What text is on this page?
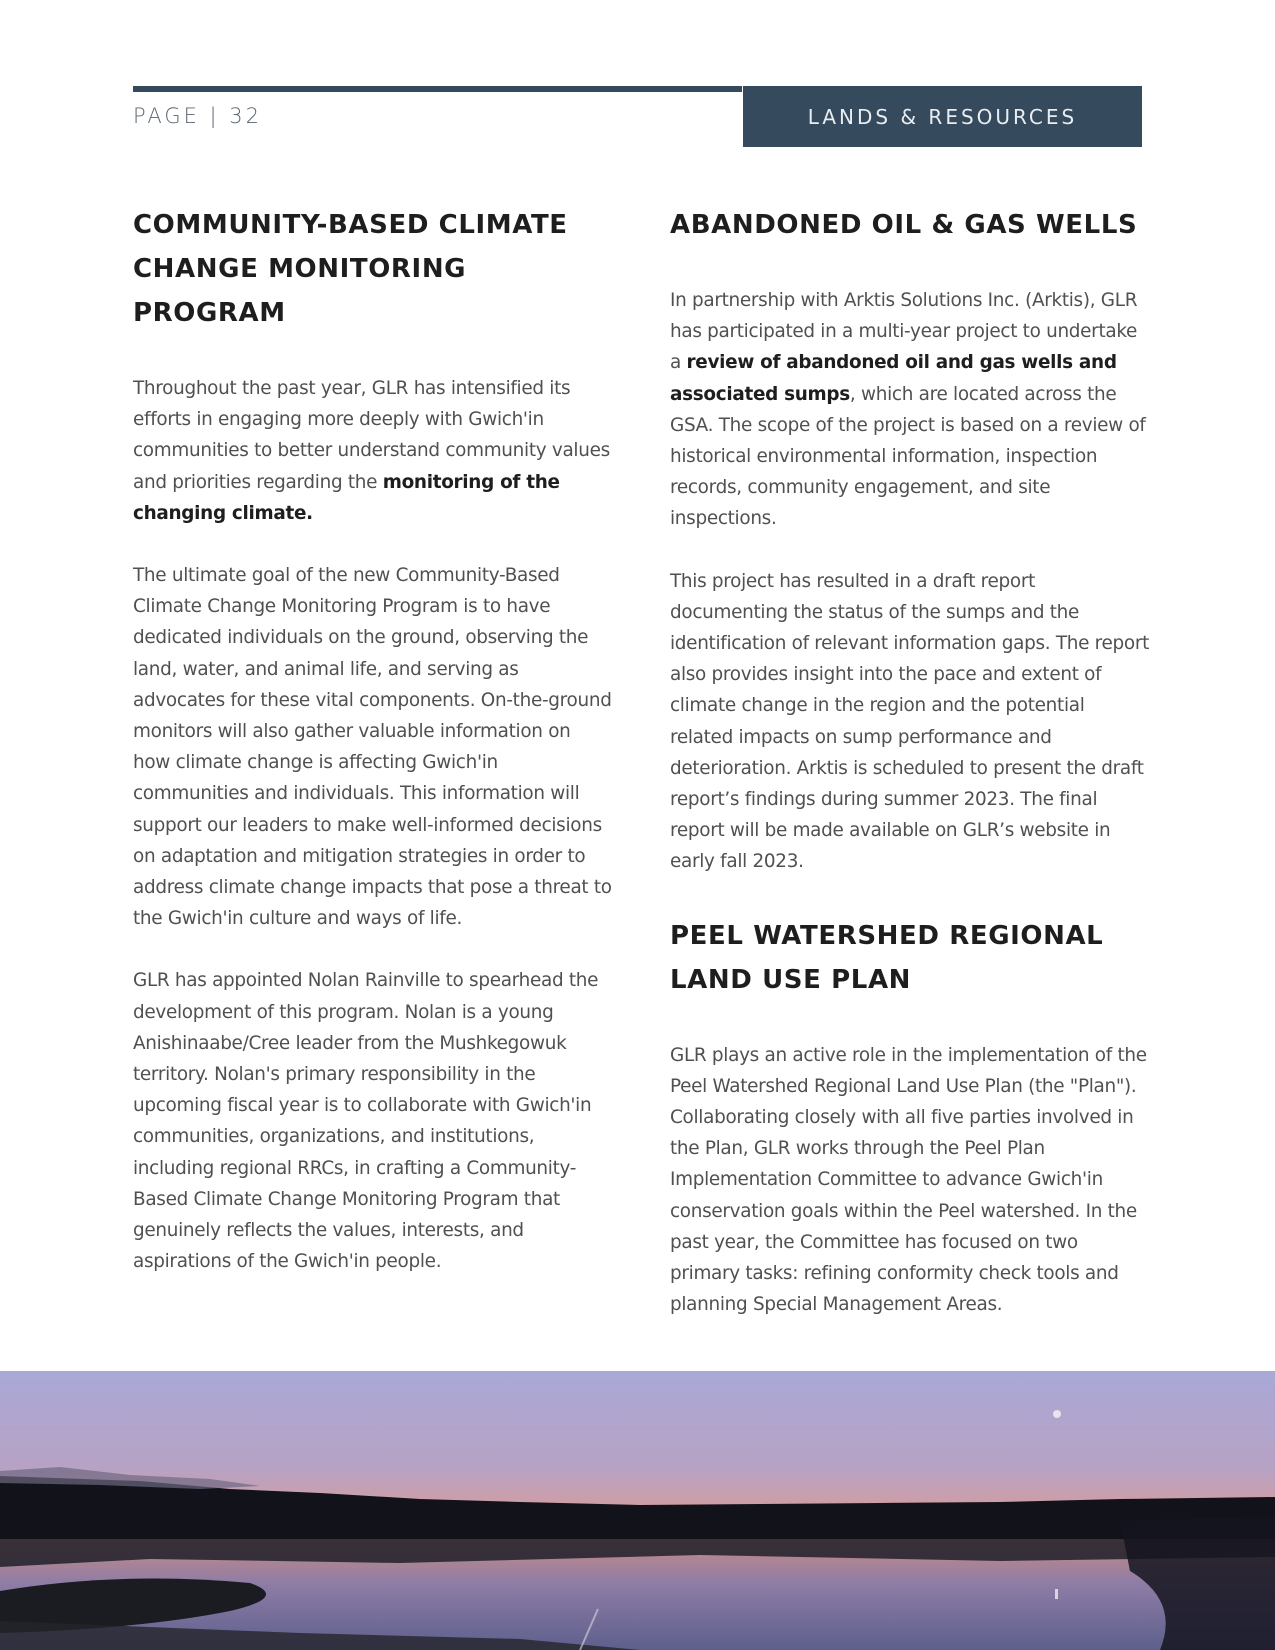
PAGE | 32	LANDS & RESOURCES
COMMUNITY-BASED CLIMATE CHANGE MONITORING PROGRAM

Throughout the past year, GLR has intensified its efforts in engaging more deeply with Gwich'in communities to better understand community values and priorities regarding the monitoring of the changing climate.

The ultimate goal of the new Community-Based Climate Change Monitoring Program is to have dedicated individuals on the ground, observing the land, water, and animal life, and serving as advocates for these vital components. On-the-ground monitors will also gather valuable information on how climate change is affecting Gwich'in communities and individuals. This information will support our leaders to make well-informed decisions on adaptation and mitigation strategies in order to address climate change impacts that pose a threat to the Gwich'in culture and ways of life.

GLR has appointed Nolan Rainville to spearhead the development of this program. Nolan is a young Anishinaabe/Cree leader from the Mushkegowuk territory. Nolan's primary responsibility in the upcoming fiscal year is to collaborate with Gwich'in communities, organizations, and institutions, including regional RRCs, in crafting a Community-Based Climate Change Monitoring Program that genuinely reflects the values, interests, and aspirations of the Gwich'in people.

ABANDONED OIL & GAS WELLS

In partnership with Arktis Solutions Inc. (Arktis), GLR has participated in a multi-year project to undertake a review of abandoned oil and gas wells and associated sumps, which are located across the GSA. The scope of the project is based on a review of historical environmental information, inspection records, community engagement, and site inspections.

This project has resulted in a draft report documenting the status of the sumps and the identification of relevant information gaps. The report also provides insight into the pace and extent of climate change in the region and the potential related impacts on sump performance and deterioration. Arktis is scheduled to present the draft report’s findings during summer 2023. The final report will be made available on GLR’s website in early fall 2023.

PEEL WATERSHED REGIONAL LAND USE PLAN

GLR plays an active role in the implementation of the Peel Watershed Regional Land Use Plan (the "Plan"). Collaborating closely with all five parties involved in the Plan, GLR works through the Peel Plan Implementation Committee to advance Gwich'in conservation goals within the Peel watershed. In the past year, the Committee has focused on two primary tasks: refining conformity check tools and planning Special Management Areas.
